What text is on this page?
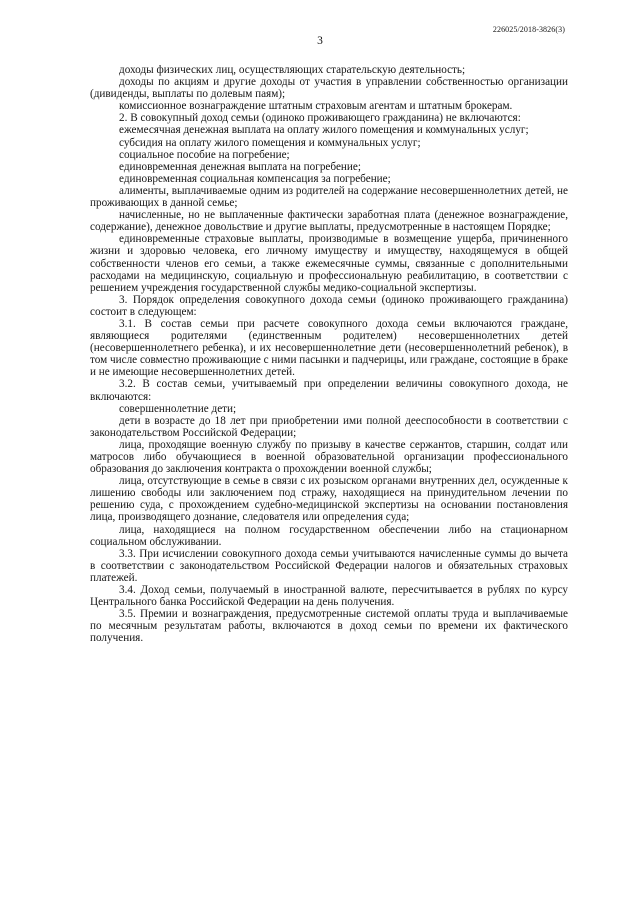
226025/2018-3826(3)
3

доходы физических лиц, осуществляющих старательскую деятельность;

доходы по акциям и другие доходы от участия в управлении собственностью организации (дивиденды, выплаты по долевым паям);

комиссионное вознаграждение штатным страховым агентам и штатным брокерам.

2. В совокупный доход семьи (одиноко проживающего гражданина) не включаются:

ежемесячная денежная выплата на оплату жилого помещения и коммунальных услуг;

субсидия на оплату жилого помещения и коммунальных услуг;

социальное пособие на погребение;

единовременная денежная выплата на погребение;

единовременная социальная компенсация за погребение;

алименты, выплачиваемые одним из родителей на содержание несовершеннолетних детей, не проживающих в данной семье;

начисленные, но не выплаченные фактически заработная плата (денежное вознаграждение, содержание), денежное довольствие и другие выплаты, предусмотренные в настоящем Порядке;

единовременные страховые выплаты, производимые в возмещение ущерба, причиненного жизни и здоровью человека, его личному имуществу и имуществу, находящемуся в общей собственности членов его семьи, а также ежемесячные суммы, связанные с дополнительными расходами на медицинскую, социальную и профессиональную реабилитацию, в соответствии с решением учреждения государственной службы медико-социальной экспертизы.

3. Порядок определения совокупного дохода семьи (одиноко проживающего гражданина) состоит в следующем:

3.1. В состав семьи при расчете совокупного дохода семьи включаются граждане, являющиеся родителями (единственным родителем) несовершеннолетних детей (несовершеннолетнего ребенка), и их несовершеннолетние дети (несовершеннолетний ребенок), в том числе совместно проживающие с ними пасынки и падчерицы, или граждане, состоящие в браке и не имеющие несовершеннолетних детей.

3.2. В состав семьи, учитываемый при определении величины совокупного дохода, не включаются:

совершеннолетние дети;

дети в возрасте до 18 лет при приобретении ими полной дееспособности в соответствии с законодательством Российской Федерации;

лица, проходящие военную службу по призыву в качестве сержантов, старшин, солдат или матросов либо обучающиеся в военной образовательной организации профессионального образования до заключения контракта о прохождении военной службы;

лица, отсутствующие в семье в связи с их розыском органами внутренних дел, осужденные к лишению свободы или заключением под стражу, находящиеся на принудительном лечении по решению суда, с прохождением судебно-медицинской экспертизы на основании постановления лица, производящего дознание, следователя или определения суда;

лица, находящиеся на полном государственном обеспечении либо на стационарном социальном обслуживании.

3.3. При исчислении совокупного дохода семьи учитываются начисленные суммы до вычета в соответствии с законодательством Российской Федерации налогов и обязательных страховых платежей.

3.4. Доход семьи, получаемый в иностранной валюте, пересчитывается в рублях по курсу Центрального банка Российской Федерации на день получения.

3.5. Премии и вознаграждения, предусмотренные системой оплаты труда и выплачиваемые по месячным результатам работы, включаются в доход семьи по времени их фактического получения.
